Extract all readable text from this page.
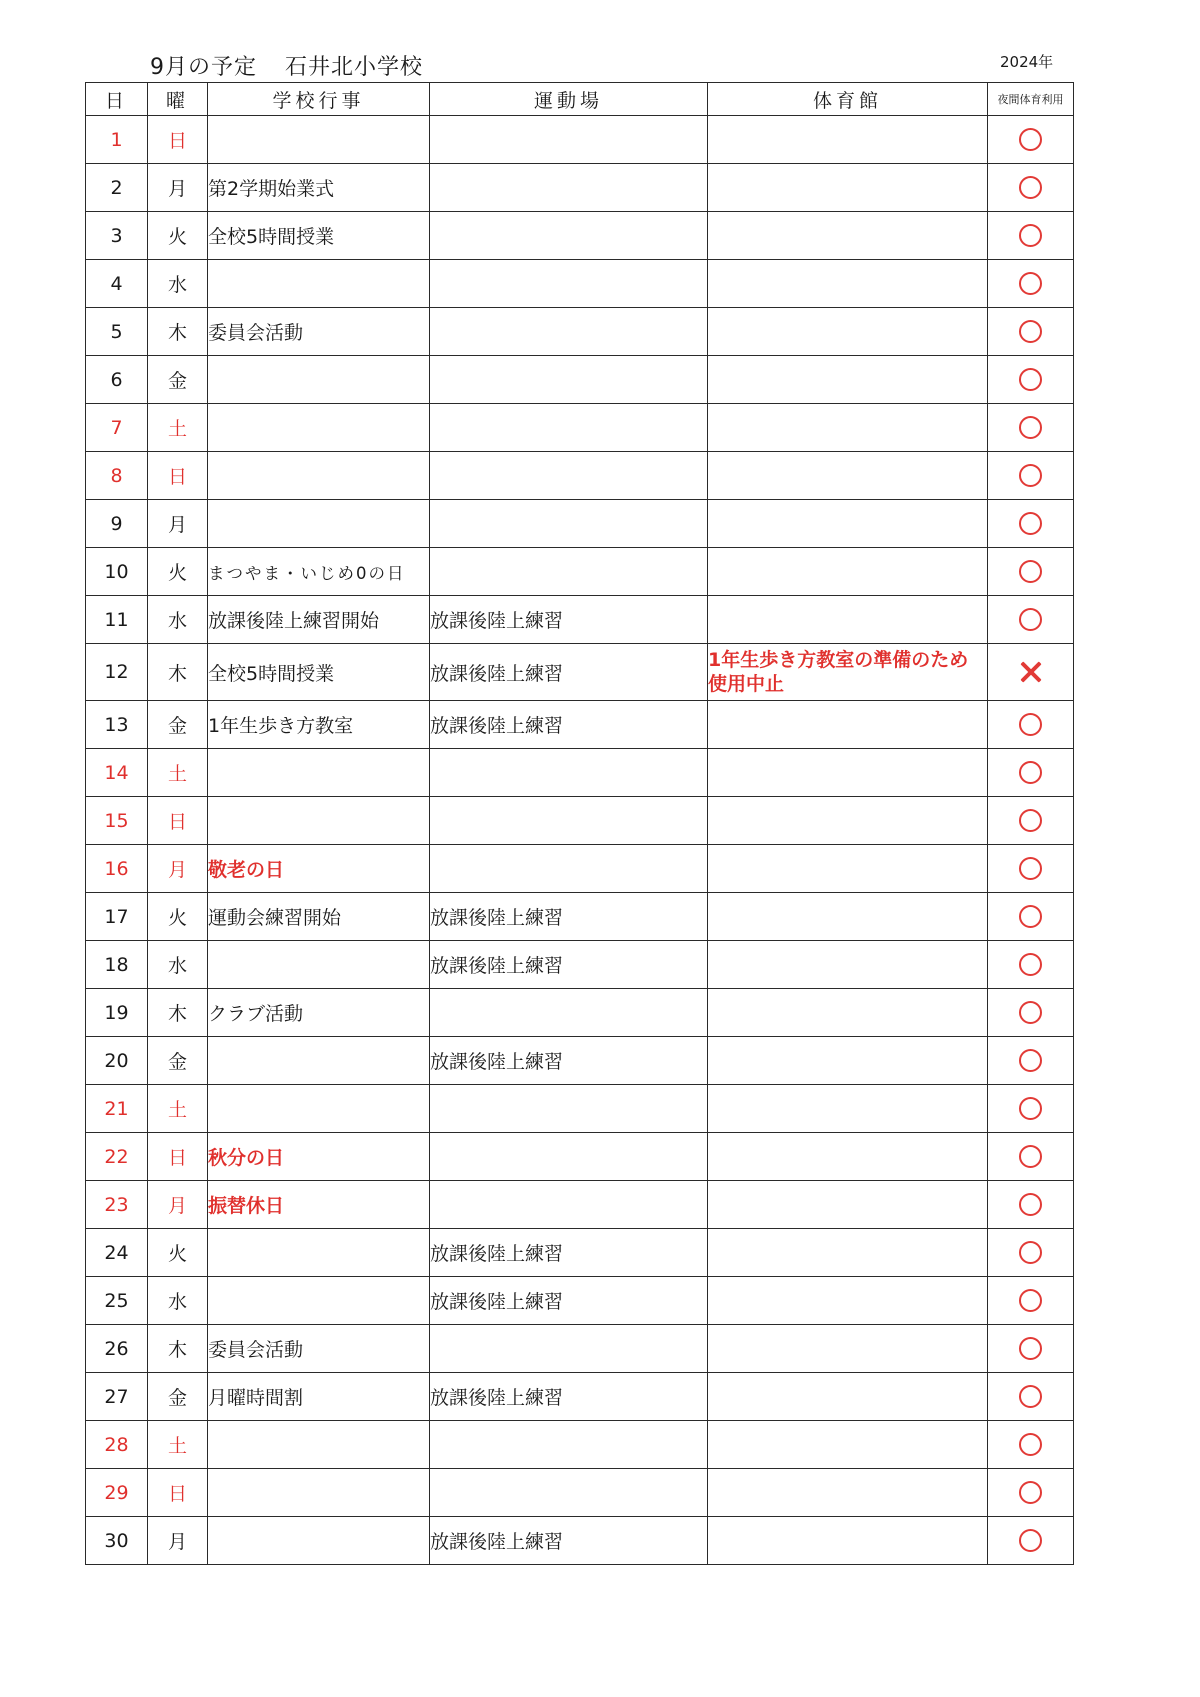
9月の予定 石井北小学校	2024年
日	曜	学校行事	運動場	体育館	夜間体育利用
1	日				
2	月	第2学期始業式			
3	火	全校5時間授業			
4	水				
5	木	委員会活動			
6	金				
7	土				
8	日				
9	月				
10	火	まつやま・いじめ0の日			
11	水	放課後陸上練習開始	放課後陸上練習		
12	木	全校5時間授業	放課後陸上練習	1年生歩き方教室の準備のため使用中止	
13	金	1年生歩き方教室	放課後陸上練習		
14	土				
15	日				
16	月	敬老の日			
17	火	運動会練習開始	放課後陸上練習		
18	水		放課後陸上練習		
19	木	クラブ活動			
20	金		放課後陸上練習		
21	土				
22	日	秋分の日			
23	月	振替休日			
24	火		放課後陸上練習		
25	水		放課後陸上練習		
26	木	委員会活動			
27	金	月曜時間割	放課後陸上練習		
28	土				
29	日				
30	月		放課後陸上練習		
